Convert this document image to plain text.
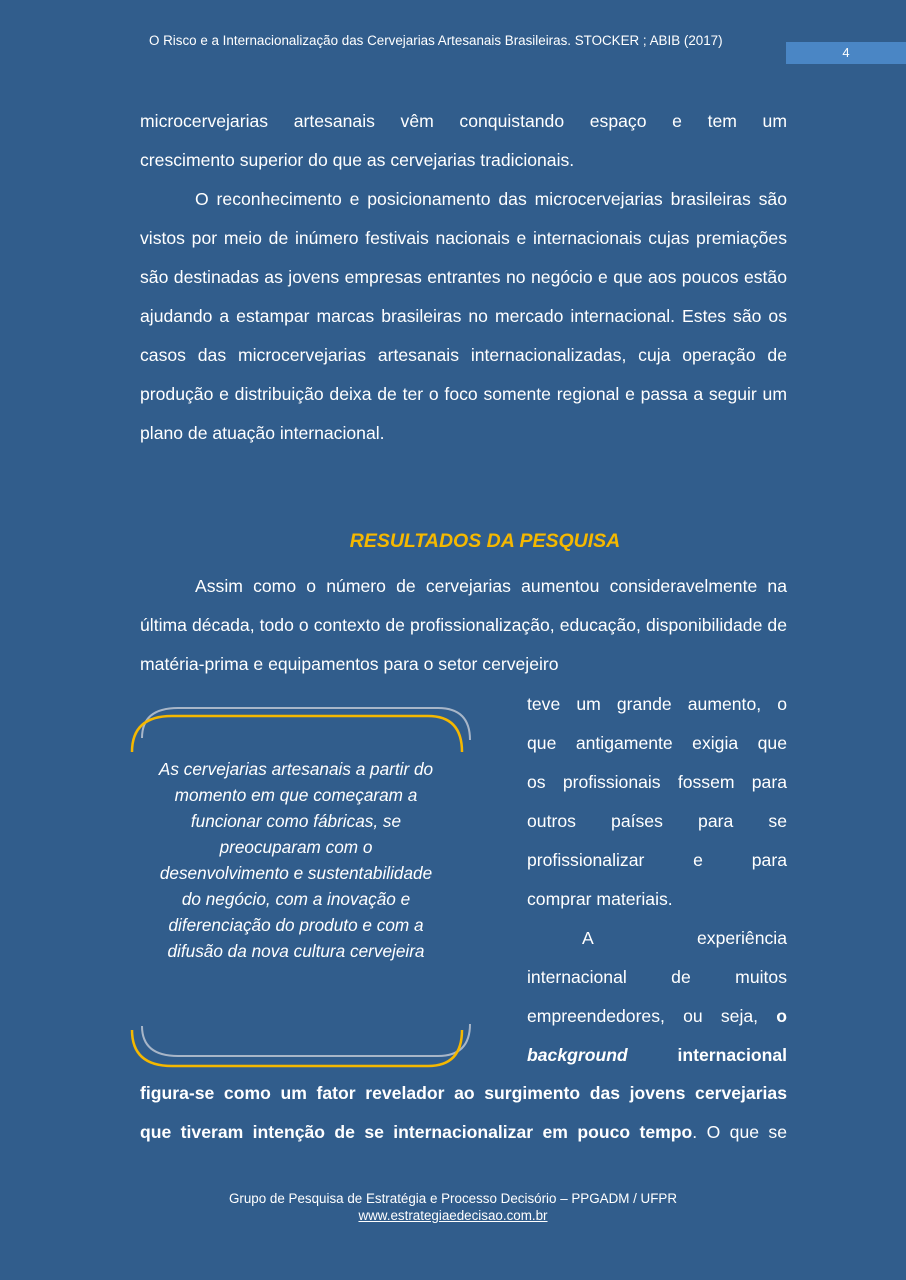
O Risco e a Internacionalização das Cervejarias Artesanais Brasileiras. STOCKER ; ABIB (2017)
4
microcervejarias artesanais vêm conquistando espaço e tem um
crescimento superior do que as cervejarias tradicionais.

O reconhecimento e posicionamento das microcervejarias brasileiras são vistos por meio de inúmero festivais nacionais e internacionais cujas premiações são destinadas as jovens empresas entrantes no negócio e que aos poucos estão ajudando a estampar marcas brasileiras no mercado internacional. Estes são os casos das microcervejarias artesanais internacionalizadas, cuja operação de produção e distribuição deixa de ter o foco somente regional e passa a seguir um plano de atuação internacional.

RESULTADOS DA PESQUISA

Assim como o número de cervejarias aumentou consideravelmente na última década, todo o contexto de profissionalização, educação, disponibilidade de matéria-prima e equipamentos para o setor cervejeiro

As cervejarias artesanais a partir do momento em que começaram a funcionar como fábricas, se preocuparam com o desenvolvimento e sustentabilidade do negócio, com a inovação e diferenciação do produto e com a difusão da nova cultura cervejeira
teve um grande aumento, o
que antigamente exigia que
os profissionais fossem para
outros países para se
profissionalizar e para
comprar materiais.
A experiência
internacional de muitos
empreendedores, ou seja, o
background	internacional
figura-se como um fator revelador ao surgimento das jovens cervejarias
que tiveram intenção de se internacionalizar em pouco tempo. O que se
Grupo de Pesquisa de Estratégia e Processo Decisório – PPGADM / UFPR
www.estrategiaedecisao.com.br
